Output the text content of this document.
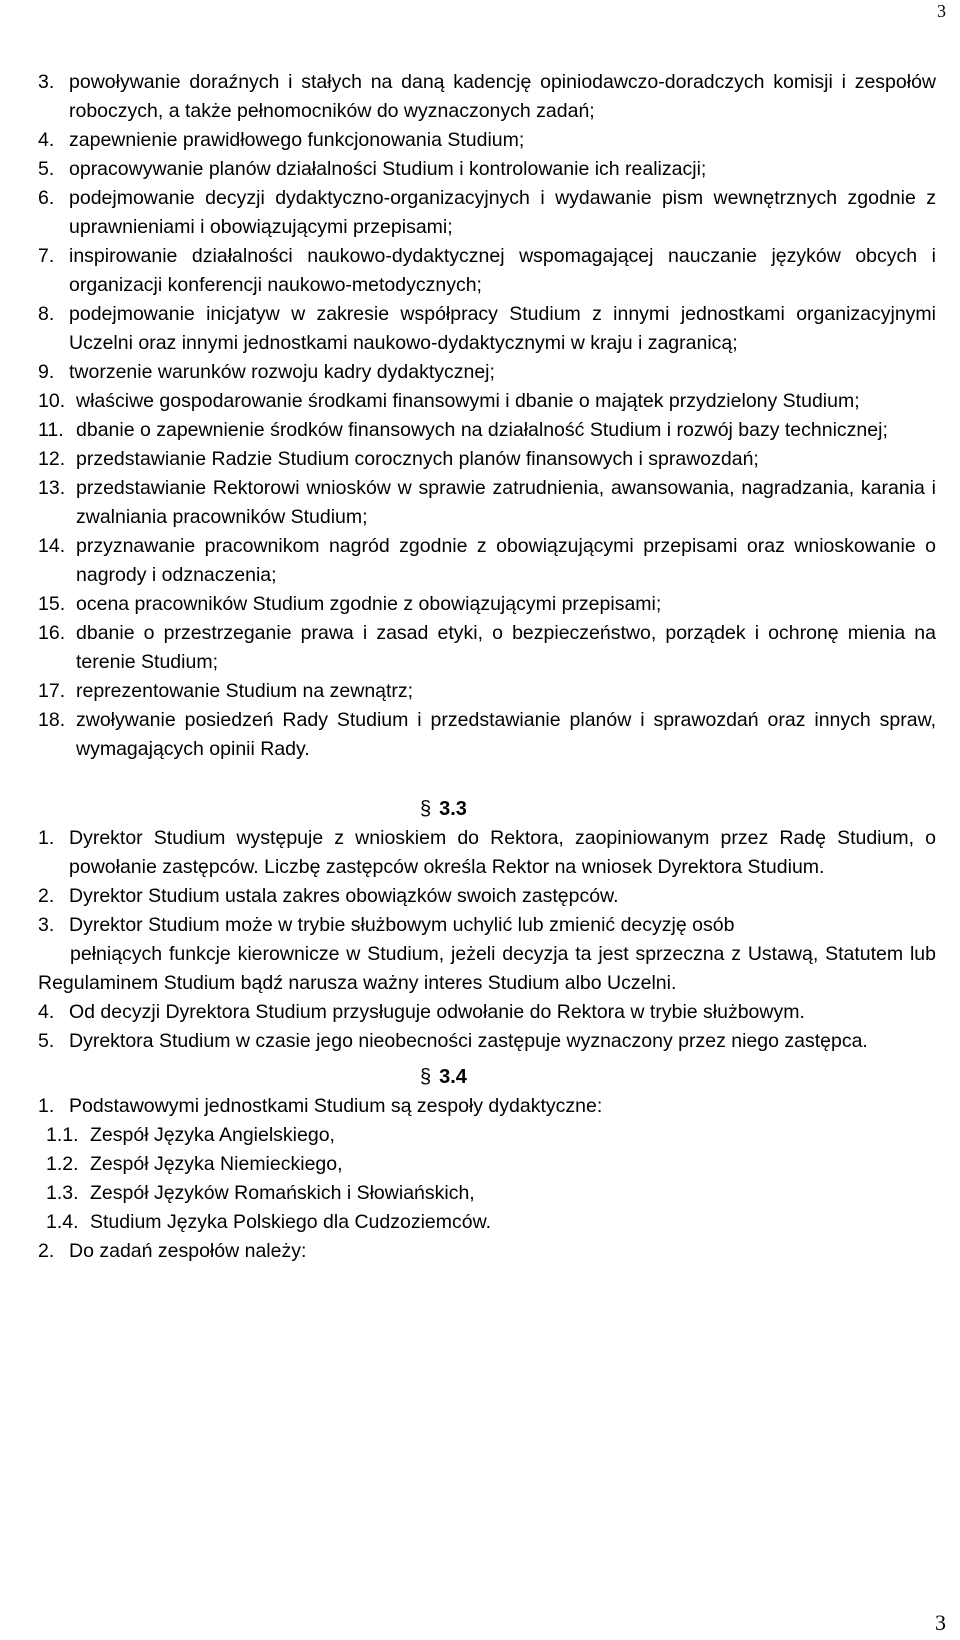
3
3. powoływanie doraźnych i stałych na daną kadencję opiniodawczo-doradczych komisji i zespołów roboczych, a także pełnomocników do wyznaczonych zadań;
4. zapewnienie prawidłowego funkcjonowania Studium;
5. opracowywanie planów działalności Studium i kontrolowanie ich realizacji;
6. podejmowanie decyzji dydaktyczno-organizacyjnych i wydawanie pism wewnętrznych zgodnie z uprawnieniami i obowiązującymi przepisami;
7. inspirowanie działalności naukowo-dydaktycznej wspomagającej nauczanie języków obcych i organizacji konferencji naukowo-metodycznych;
8. podejmowanie inicjatyw w zakresie współpracy Studium z innymi jednostkami organizacyjnymi Uczelni oraz innymi jednostkami naukowo-dydaktycznymi w kraju i zagranicą;
9. tworzenie warunków rozwoju kadry dydaktycznej;
10. właściwe gospodarowanie środkami finansowymi i dbanie o majątek przydzielony Studium;
11. dbanie o zapewnienie środków finansowych na działalność Studium i rozwój bazy technicznej;
12. przedstawianie Radzie Studium corocznych planów finansowych i sprawozdań;
13. przedstawianie Rektorowi wniosków w sprawie zatrudnienia, awansowania, nagradzania, karania i zwalniania pracowników Studium;
14. przyznawanie pracownikom nagród zgodnie z obowiązującymi przepisami oraz wnioskowanie o nagrody i odznaczenia;
15. ocena pracowników Studium zgodnie z obowiązującymi przepisami;
16. dbanie o przestrzeganie prawa i zasad etyki, o bezpieczeństwo, porządek i ochronę mienia na terenie Studium;
17. reprezentowanie Studium na zewnątrz;
18. zwoływanie posiedzeń Rady Studium i przedstawianie planów i sprawozdań oraz innych spraw, wymagających opinii Rady.
§ 3.3
1. Dyrektor Studium występuje z wnioskiem do Rektora, zaopiniowanym przez Radę Studium, o powołanie zastępców. Liczbę zastępców określa Rektor na wniosek Dyrektora Studium.
2. Dyrektor Studium ustala zakres obowiązków swoich zastępców.
3. Dyrektor Studium może w trybie służbowym uchylić lub zmienić decyzję osób
pełniących funkcje kierownicze w Studium, jeżeli decyzja ta jest sprzeczna z Ustawą, Statutem lub Regulaminem Studium bądź narusza ważny interes Studium albo Uczelni.
4. Od decyzji Dyrektora Studium przysługuje odwołanie do Rektora w trybie służbowym.
5. Dyrektora Studium w czasie jego nieobecności zastępuje wyznaczony przez niego zastępca.
§ 3.4
1. Podstawowymi jednostkami Studium są zespoły dydaktyczne:
1.1. Zespół Języka Angielskiego,
1.2. Zespół Języka Niemieckiego,
1.3. Zespół Języków Romańskich i Słowiańskich,
1.4. Studium Języka Polskiego dla Cudzoziemców.
2. Do zadań zespołów należy:
3
